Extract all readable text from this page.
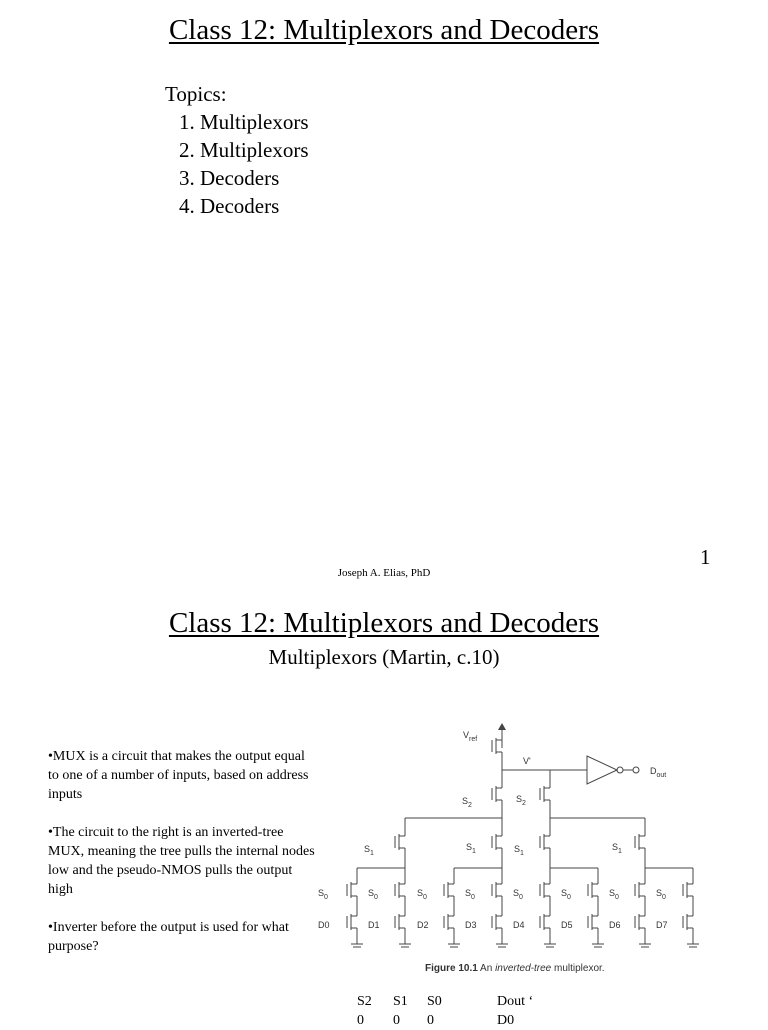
Class 12: Multiplexors and Decoders
Topics:
1. Multiplexors
2. Multiplexors
3. Decoders
4. Decoders
1
Joseph A. Elias, PhD
Class 12: Multiplexors and Decoders
Multiplexors (Martin, c.10)

•MUX is a circuit that makes the output equal to one of a number of inputs, based on address inputs

•The circuit to the right is an inverted-tree MUX, meaning the tree pulls the internal nodes low and the pseudo-NMOS pulls the output high

•Inverter before the output is used for what purpose?

$V_{ref}$
V'
$D_{out}$
$S_2$
$S_2$
$S_1$
$S_1$	$S_1$
$S_1$
$S_0$	$S_0$	$S_0$	$S_0$	$S_0$	$S_0$	$S_0$	$S_0$
D0	D1	D2	D3	D4	D5	D6	D7
Figure 10.1 An inverted-tree multiplexor.
S2	S1	S0	Dout ‘
0	0	0	D0
